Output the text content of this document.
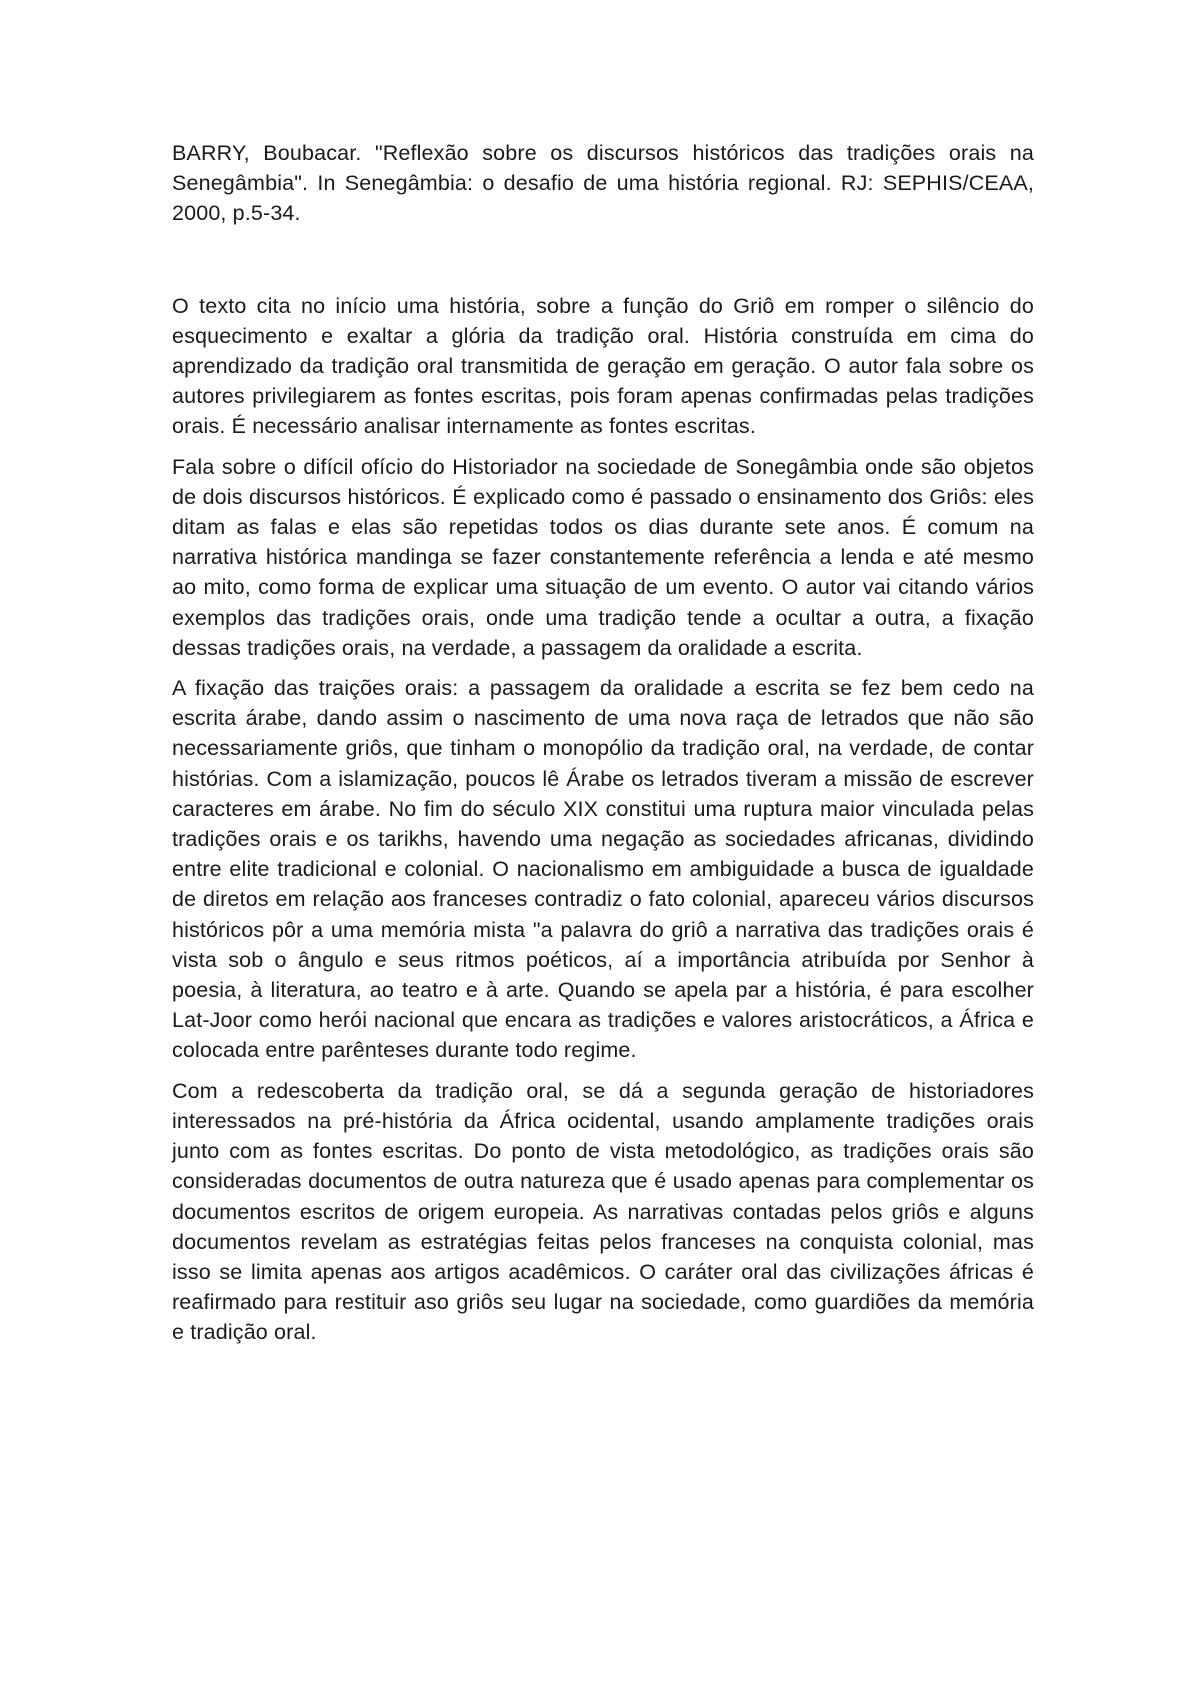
BARRY, Boubacar. "Reflexão sobre os discursos históricos das tradições orais na Senegâmbia". In Senegâmbia: o desafio de uma história regional. RJ: SEPHIS/CEAA, 2000, p.5-34.

O texto cita no início uma história, sobre a função do Griô em romper o silêncio do esquecimento e exaltar a glória da tradição oral. História construída em cima do aprendizado da tradição oral transmitida de geração em geração. O autor fala sobre os autores privilegiarem as fontes escritas, pois foram apenas confirmadas pelas tradições orais. É necessário analisar internamente as fontes escritas.

Fala sobre o difícil ofício do Historiador na sociedade de Sonegâmbia onde são objetos de dois discursos históricos. É explicado como é passado o ensinamento dos Griôs: eles ditam as falas e elas são repetidas todos os dias durante sete anos. É comum na narrativa histórica mandinga se fazer constantemente referência a lenda e até mesmo ao mito, como forma de explicar uma situação de um evento. O autor vai citando vários exemplos das tradições orais, onde uma tradição tende a ocultar a outra, a fixação dessas tradições orais, na verdade, a passagem da oralidade a escrita.

A fixação das traições orais: a passagem da oralidade a escrita se fez bem cedo na escrita árabe, dando assim o nascimento de uma nova raça de letrados que não são necessariamente griôs, que tinham o monopólio da tradição oral, na verdade, de contar histórias. Com a islamização, poucos lê Árabe os letrados tiveram a missão de escrever caracteres em árabe. No fim do século XIX constitui uma ruptura maior vinculada pelas tradições orais e os tarikhs, havendo uma negação as sociedades africanas, dividindo entre elite tradicional e colonial. O nacionalismo em ambiguidade a busca de igualdade de diretos em relação aos franceses contradiz o fato colonial, apareceu vários discursos históricos pôr a uma memória mista "a palavra do griô a narrativa das tradições orais é vista sob o ângulo e seus ritmos poéticos, aí a importância atribuída por Senhor à poesia, à literatura, ao teatro e à arte. Quando se apela par a história, é para escolher Lat-Joor como herói nacional que encara as tradições e valores aristocráticos, a África e colocada entre parênteses durante todo regime.

Com a redescoberta da tradição oral, se dá a segunda geração de historiadores interessados na pré-história da África ocidental, usando amplamente tradições orais junto com as fontes escritas. Do ponto de vista metodológico, as tradições orais são consideradas documentos de outra natureza que é usado apenas para complementar os documentos escritos de origem europeia. As narrativas contadas pelos griôs e alguns documentos revelam as estratégias feitas pelos franceses na conquista colonial, mas isso se limita apenas aos artigos acadêmicos. O caráter oral das civilizações áfricas é reafirmado para restituir aso griôs seu lugar na sociedade, como guardiões da memória e tradição oral.
